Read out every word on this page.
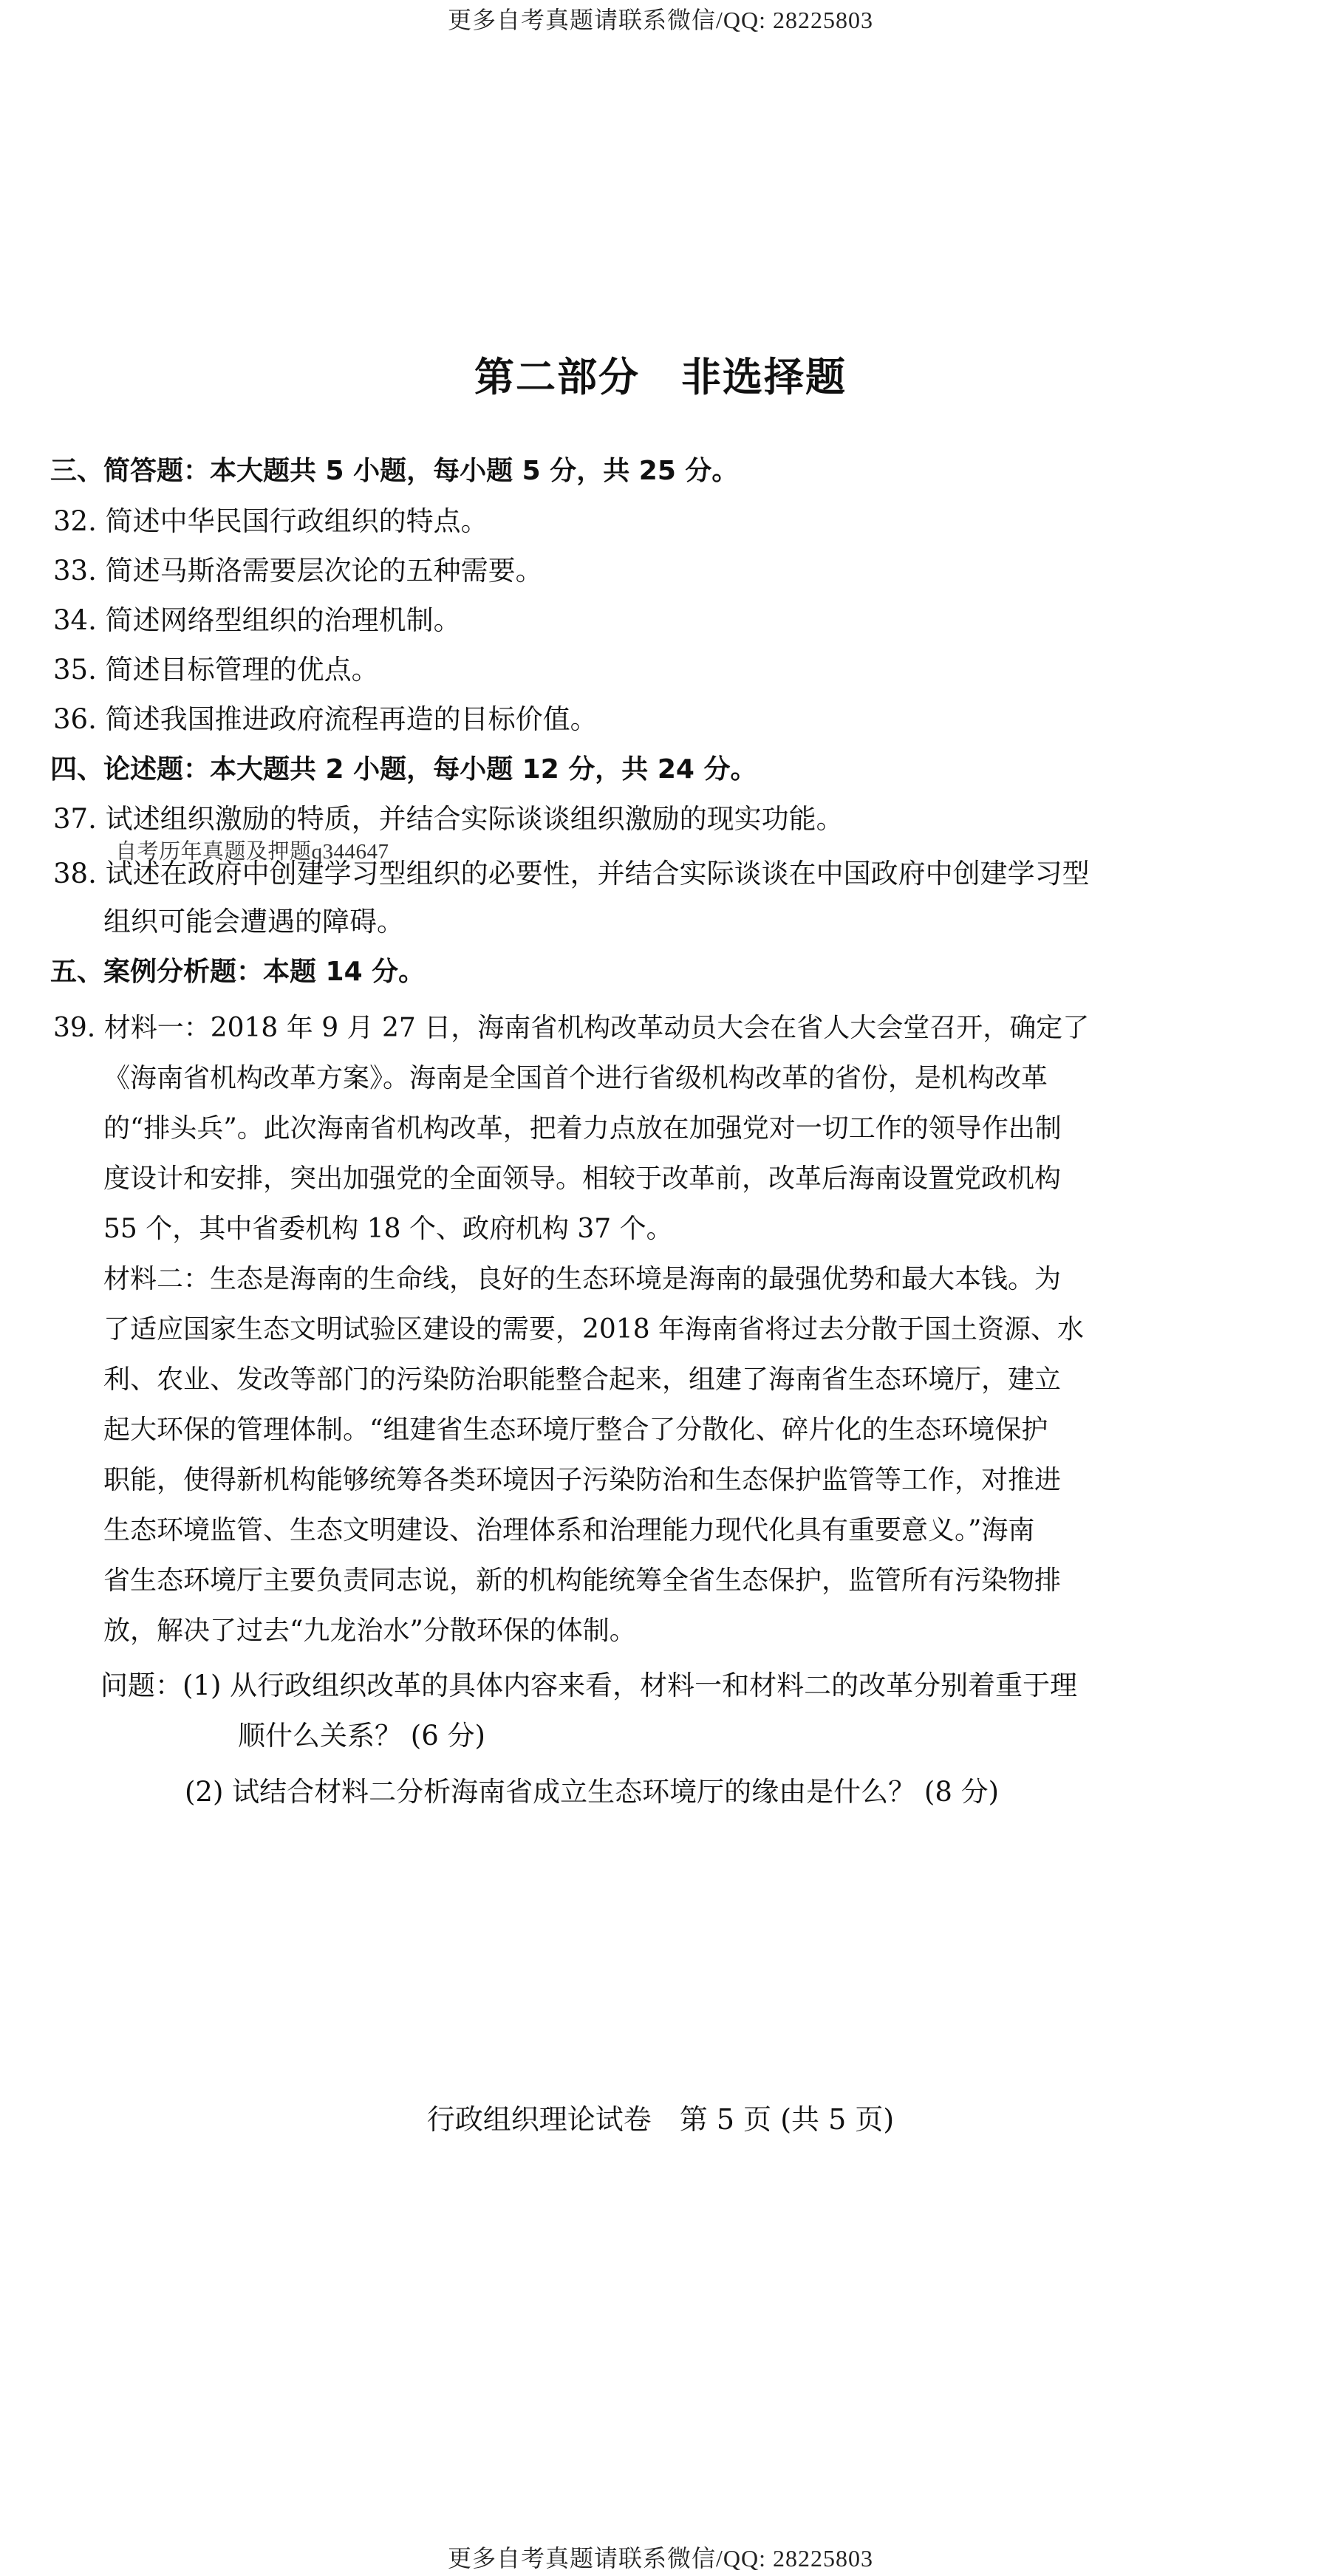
更多自考真题请联系微信/QQ: 28225803
第二部分　非选择题
三、简答题：本大题共 5 小题，每小题 5 分，共 25 分。
32. 简述中华民国行政组织的特点。
33. 简述马斯洛需要层次论的五种需要。
34. 简述网络型组织的治理机制。
35. 简述目标管理的优点。
36. 简述我国推进政府流程再造的目标价值。
四、论述题：本大题共 2 小题，每小题 12 分，共 24 分。
37. 试述组织激励的特质，并结合实际谈谈组织激励的现实功能。
自考历年真题及押题q344647
38. 试述在政府中创建学习型组织的必要性，并结合实际谈谈在中国政府中创建学习型
组织可能会遭遇的障碍。
五、案例分析题：本题 14 分。
39. 材料一：2018 年 9 月 27 日，海南省机构改革动员大会在省人大会堂召开，确定了
《海南省机构改革方案》。海南是全国首个进行省级机构改革的省份，是机构改革
的“排头兵”。此次海南省机构改革，把着力点放在加强党对一切工作的领导作出制
度设计和安排，突出加强党的全面领导。相较于改革前，改革后海南设置党政机构
55 个，其中省委机构 18 个、政府机构 37 个。
材料二：生态是海南的生命线，良好的生态环境是海南的最强优势和最大本钱。为
了适应国家生态文明试验区建设的需要，2018 年海南省将过去分散于国土资源、水
利、农业、发改等部门的污染防治职能整合起来，组建了海南省生态环境厅，建立
起大环保的管理体制。“组建省生态环境厅整合了分散化、碎片化的生态环境保护
职能，使得新机构能够统筹各类环境因子污染防治和生态保护监管等工作，对推进
生态环境监管、生态文明建设、治理体系和治理能力现代化具有重要意义。”海南
省生态环境厅主要负责同志说，新的机构能统筹全省生态保护，监管所有污染物排
放，解决了过去“九龙治水”分散环保的体制。
问题：(1) 从行政组织改革的具体内容来看，材料一和材料二的改革分别着重于理
顺什么关系？ (6 分)
(2) 试结合材料二分析海南省成立生态环境厅的缘由是什么？ (8 分)
行政组织理论试卷　第 5 页 (共 5 页)
更多自考真题请联系微信/QQ: 28225803
